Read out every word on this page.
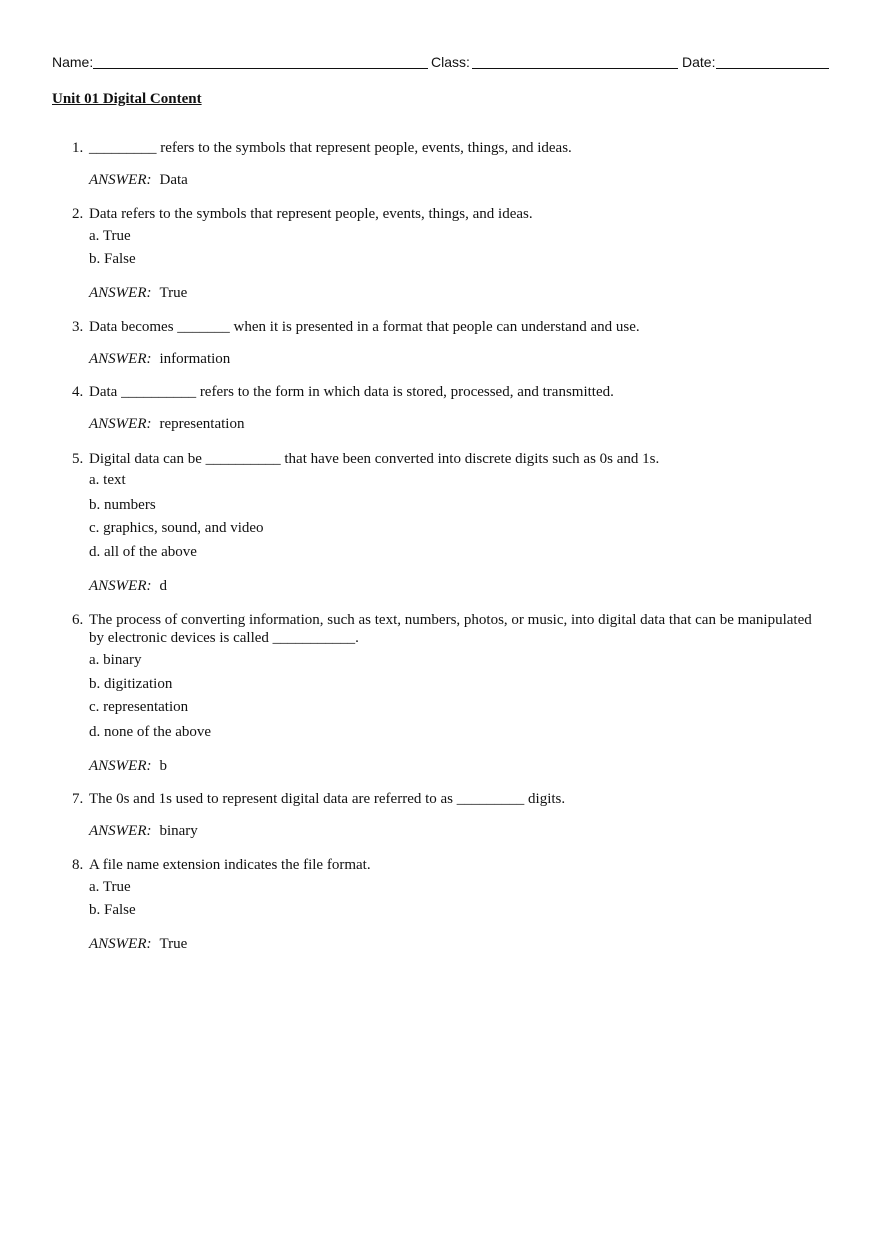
Name:	Class:	Date:
Unit 01 Digital Content
1. _________ refers to the symbols that represent people, events, things, and ideas.
ANSWER: Data
2. Data refers to the symbols that represent people, events, things, and ideas.
a. True
b. False
ANSWER: True
3. Data becomes _______ when it is presented in a format that people can understand and use.
ANSWER: information
4. Data __________ refers to the form in which data is stored, processed, and transmitted.
ANSWER: representation
5. Digital data can be __________ that have been converted into discrete digits such as 0s and 1s.
a. text
b. numbers
c. graphics, sound, and video
d. all of the above
ANSWER: d
6. The process of converting information, such as text, numbers, photos, or music, into digital data that can be manipulated by electronic devices is called ___________.
a. binary
b. digitization
c. representation
d. none of the above
ANSWER: b
7. The 0s and 1s used to represent digital data are referred to as _________ digits.
ANSWER: binary
8. A file name extension indicates the file format.
a. True
b. False
ANSWER: True
